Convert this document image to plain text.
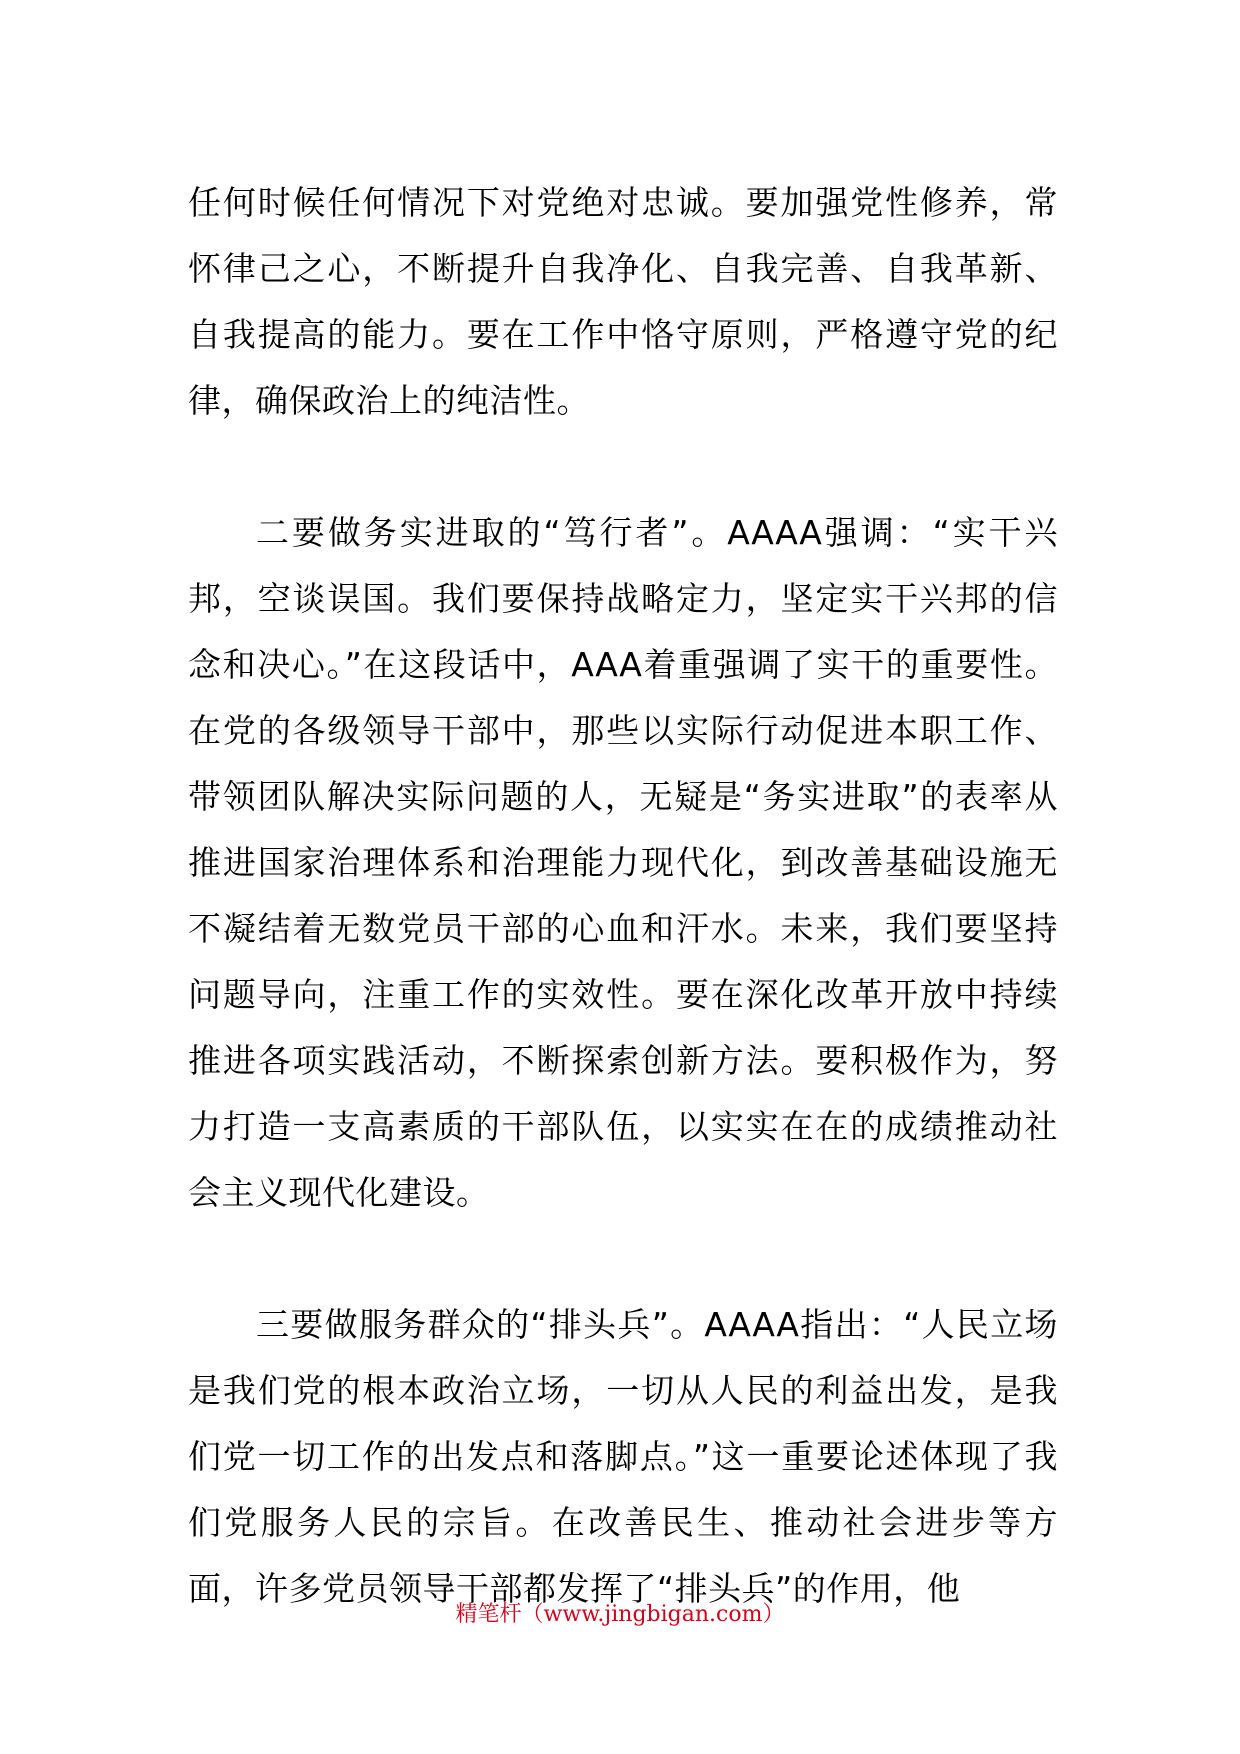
任何时候任何情况下对党绝对忠诚。要加强党性修养，常怀律己之心，不断提升自我净化、自我完善、自我革新、自我提高的能力。要在工作中恪守原则，严格遵守党的纪律，确保政治上的纯洁性。

二要做务实进取的“笃行者”。AAAA强调：“实干兴邦，空谈误国。我们要保持战略定力，坚定实干兴邦的信念和决心。”在这段话中，AAA着重强调了实干的重要性。在党的各级领导干部中，那些以实际行动促进本职工作、带领团队解决实际问题的人，无疑是“务实进取”的表率从推进国家治理体系和治理能力现代化，到改善基础设施无不凝结着无数党员干部的心血和汗水。未来，我们要坚持问题导向，注重工作的实效性。要在深化改革开放中持续推进各项实践活动，不断探索创新方法。要积极作为，努力打造一支高素质的干部队伍，以实实在在的成绩推动社会主义现代化建设。

三要做服务群众的“排头兵”。AAAA指出：“人民立场是我们党的根本政治立场，一切从人民的利益出发，是我们党一切工作的出发点和落脚点。”这一重要论述体现了我们党服务人民的宗旨。在改善民生、推动社会进步等方面，许多党员领导干部都发挥了“排头兵”的作用，他

精笔杆（www.jingbigan.com）
